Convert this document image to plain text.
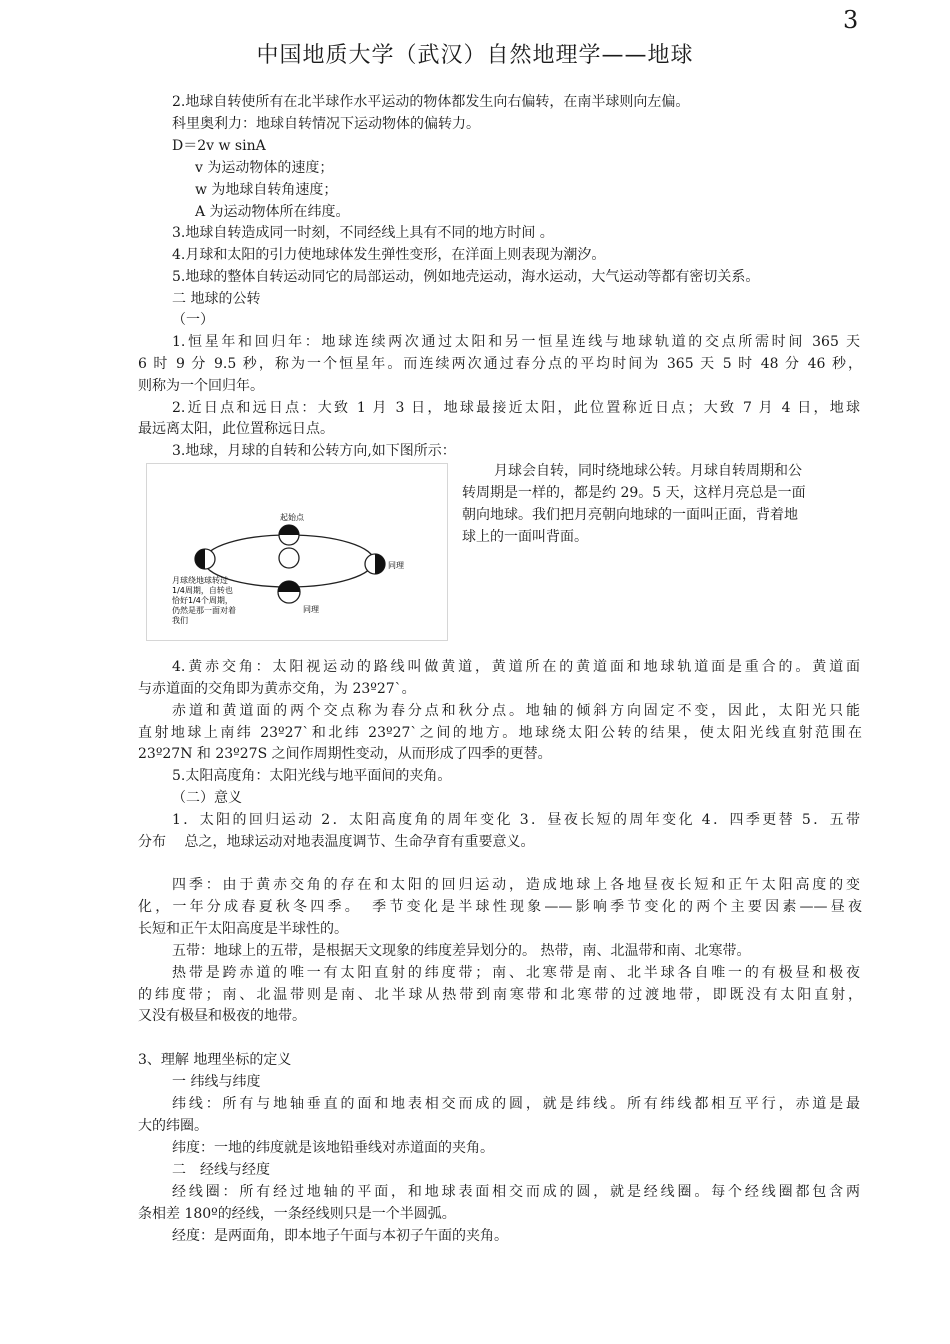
3
中国地质大学（武汉）自然地理学——地球
2.地球自转使所有在北半球作水平运动的物体都发生向右偏转，在南半球则向左偏。
科里奥利力：地球自转情况下运动物体的偏转力。
D＝2v w sinA
v 为运动物体的速度；
w 为地球自转角速度；
A 为运动物体所在纬度。
3.地球自转造成同一时刻，不同经线上具有不同的地方时间 。
4.月球和太阳的引力使地球体发生弹性变形，在洋面上则表现为潮汐。
5.地球的整体自转运动同它的局部运动，例如地壳运动，海水运动，大气运动等都有密切关系。
二 地球的公转
（一）
1.恒星年和回归年：地球连续两次通过太阳和另一恒星连线与地球轨道的交点所需时间 365 天
6 时 9 分 9.5 秒，称为一个恒星年。而连续两次通过春分点的平均时间为 365 天 5 时 48 分 46 秒，
则称为一个回归年。
2.近日点和远日点：大致 1 月 3 日，地球最接近太阳，此位置称近日点；大致 7 月 4 日，地球
最远离太阳，此位置称远日点。
3.地球，月球的自转和公转方向,如下图所示：
起始点
同理
同理
月球绕地球转过
1/4周期，自转也
恰好1/4个周期，
仍然是那一面对着
我们
月球会自转，同时绕地球公转。月球自转周期和公
转周期是一样的，都是约 29。5 天，这样月亮总是一面
朝向地球。我们把月亮朝向地球的一面叫正面，背着地
球上的一面叫背面。
4.黄赤交角：太阳视运动的路线叫做黄道，黄道所在的黄道面和地球轨道面是重合的。黄道面
与赤道面的交角即为黄赤交角，为 23º27`。
赤道和黄道面的两个交点称为春分点和秋分点。地轴的倾斜方向固定不变，因此，太阳光只能
直射地球上南纬 23º27`和北纬 23º27`之间的地方。地球绕太阳公转的结果，使太阳光线直射范围在
23º27N 和 23º27S 之间作周期性变动，从而形成了四季的更替。
5.太阳高度角：太阳光线与地平面间的夹角。
（二）意义
1．太阳的回归运动 2．太阳高度角的周年变化 3．昼夜长短的周年变化 4．四季更替 5．五带
分布　 总之，地球运动对地表温度调节、生命孕育有重要意义。
四季：由于黄赤交角的存在和太阳的回归运动，造成地球上各地昼夜长短和正午太阳高度的变
化，一年分成春夏秋冬四季。　季节变化是半球性现象——影响季节变化的两个主要因素——昼夜
长短和正午太阳高度是半球性的。
五带：地球上的五带，是根据天文现象的纬度差异划分的。 热带，南、北温带和南、北寒带。
热带是跨赤道的唯一有太阳直射的纬度带；南、北寒带是南、北半球各自唯一的有极昼和极夜
的纬度带；南、北温带则是南、北半球从热带到南寒带和北寒带的过渡地带，即既没有太阳直射，
又没有极昼和极夜的地带。
3、理解 地理坐标的定义
一 纬线与纬度
纬线：所有与地轴垂直的面和地表相交而成的圆，就是纬线。所有纬线都相互平行，赤道是最
大的纬圈。
纬度：一地的纬度就是该地铅垂线对赤道面的夹角。
二　经线与经度
经线圈：所有经过地轴的平面，和地球表面相交而成的圆，就是经线圈。每个经线圈都包含两
条相差 180º的经线，一条经线则只是一个半圆弧。
经度：是两面角，即本地子午面与本初子午面的夹角。
